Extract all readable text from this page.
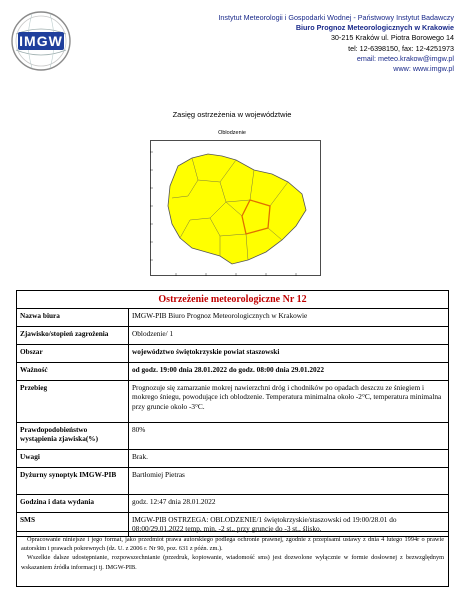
IMGW
Instytut Meteorologii i Gospodarki Wodnej - Państwowy Instytut Badawczy
Biuro Prognoz Meteorologicznych w Krakowie
30-215 Kraków ul. Piotra Borowego 14
tel: 12-6398150, fax: 12-4251973
email: meteo.krakow@imgw.pl
www: www.imgw.pl
Zasięg ostrzeżenia w województwie
Oblodzenie
Ostrzeżenie meteorologiczne Nr 12	
Nazwa biura	IMGW-PIB Biuro Prognoz Meteorologicznych w Krakowie
Zjawisko/stopień zagrożenia	Oblodzenie/ 1
Obszar	województwo świętokrzyskie powiat staszowski
Ważność	od godz. 19:00 dnia 28.01.2022 do godz. 08:00 dnia 29.01.2022
Przebieg	Prognozuje się zamarzanie mokrej nawierzchni dróg i chodników po opadach deszczu ze śniegiem i mokrego śniegu, powodujące ich oblodzenie. Temperatura minimalna około -2°C, temperatura minimalna przy gruncie około -3°C.
Prawdopodobieństwo wystąpienia zjawiska(%)	80%
Uwagi	Brak.
Dyżurny synoptyk IMGW-PIB	Bartłomiej Pietras
Godzina i data wydania	godz. 12:47 dnia 28.01.2022
SMS	IMGW-PIB OSTRZEGA: OBLODZENIE/1 świętokrzyskie/staszowski od 19:00/28.01 do 08:00/29.01.2022 temp. min. -2 st., przy gruncie do -3 st., ślisko.

Opracowanie niniejsze i jego format, jako przedmiot prawa autorskiego podlega ochronie prawnej, zgodnie z przepisami ustawy z dnia 4 lutego 1994r o prawie autorskim i prawach pokrewnych (dz. U. z 2006 r. Nr 90, poz. 631 z późn. zm.).

Wszelkie dalsze udostępnianie, rozpowszechnianie (przedruk, kopiowanie, wiadomość sms) jest dozwolone wyłącznie w formie dosłownej z bezwzględnym wskazaniem źródła informacji tj. IMGW-PIB.
